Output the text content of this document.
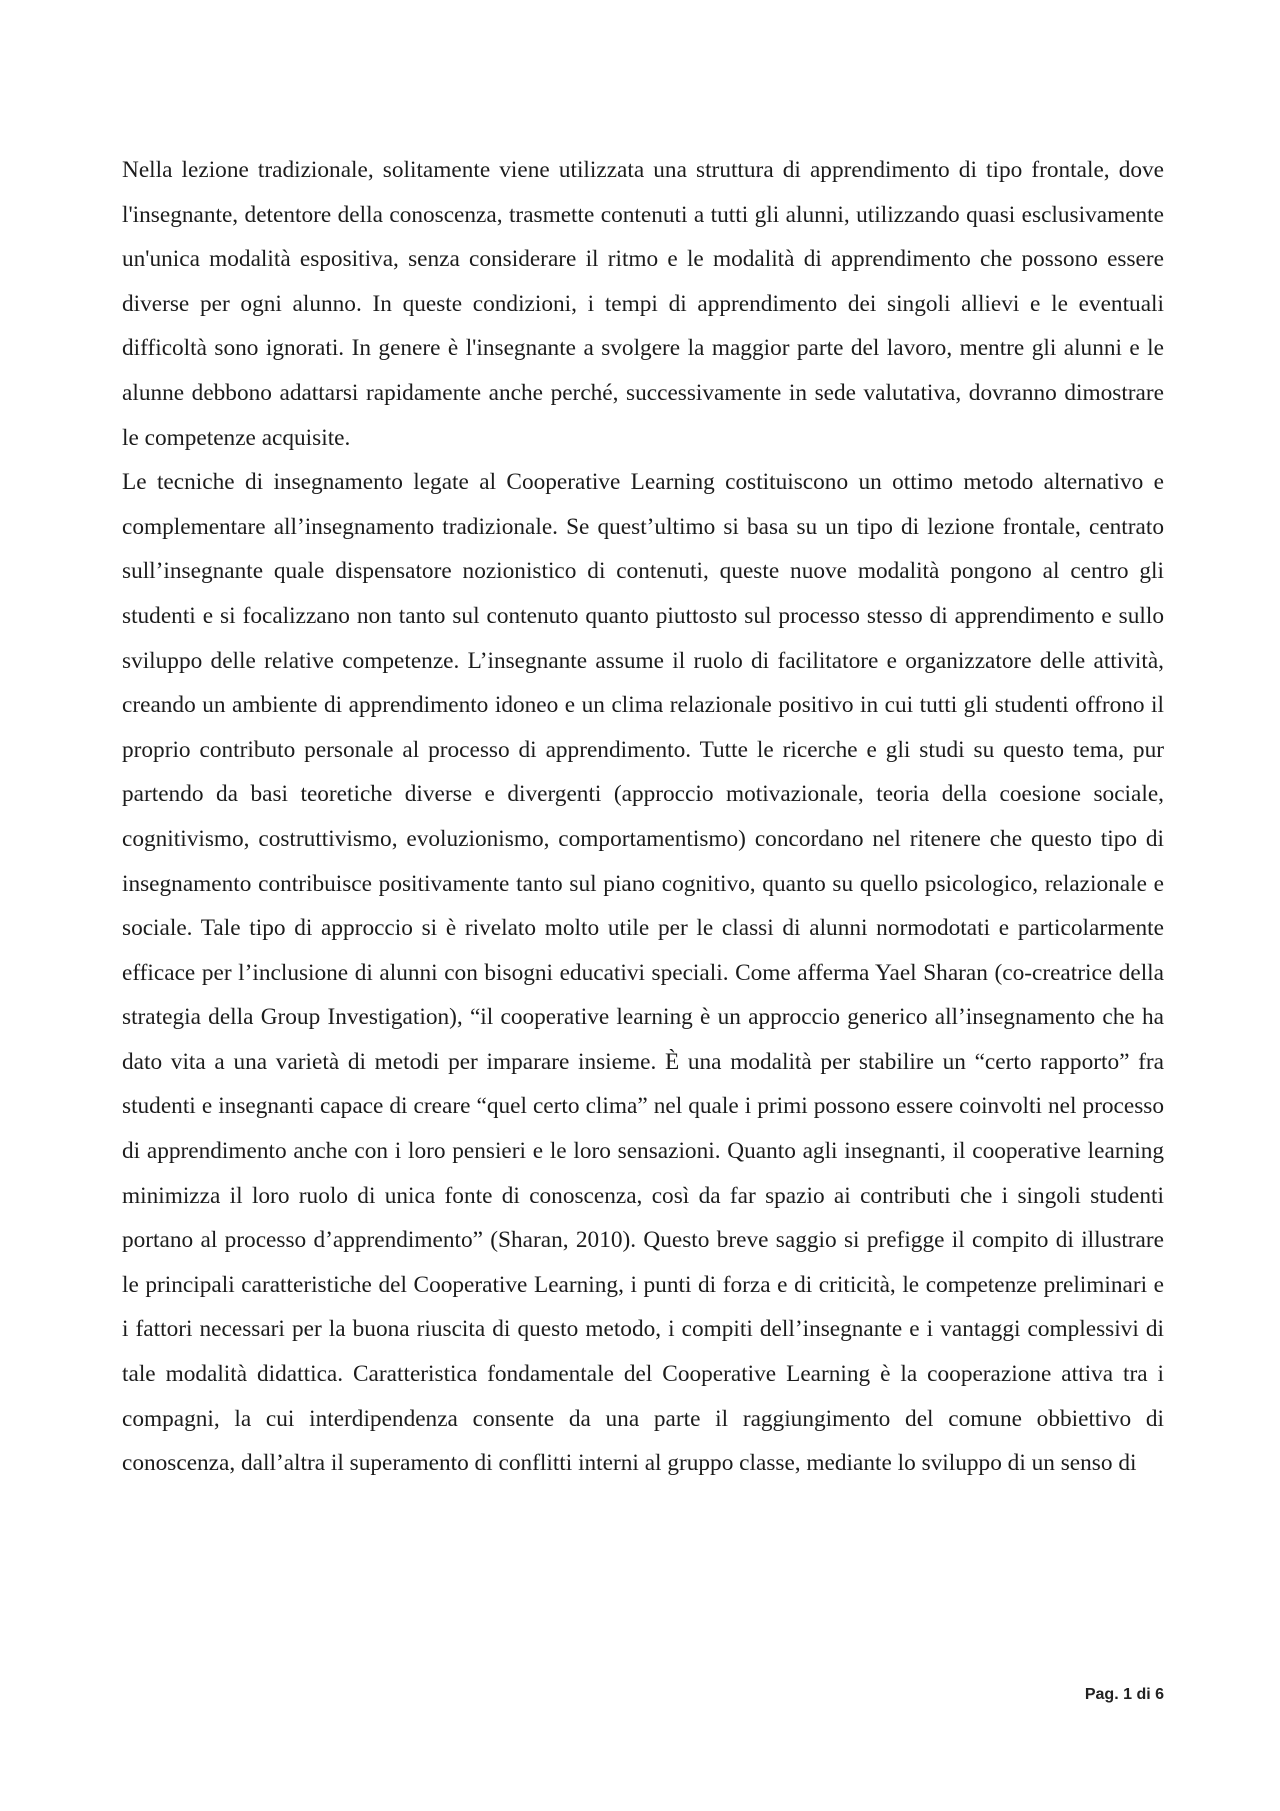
Nella lezione tradizionale, solitamente viene utilizzata una struttura di apprendimento di tipo frontale, dove l'insegnante, detentore della conoscenza, trasmette contenuti a tutti gli alunni, utilizzando quasi esclusivamente un'unica modalità espositiva, senza considerare il ritmo e le modalità di apprendimento che possono essere diverse per ogni alunno. In queste condizioni, i tempi di apprendimento dei singoli allievi e le eventuali difficoltà sono ignorati. In genere è l'insegnante a svolgere la maggior parte del lavoro, mentre gli alunni e le alunne debbono adattarsi rapidamente anche perché, successivamente in sede valutativa, dovranno dimostrare le competenze acquisite.

Le tecniche di insegnamento legate al Cooperative Learning costituiscono un ottimo metodo alternativo e complementare all’insegnamento tradizionale. Se quest’ultimo si basa su un tipo di lezione frontale, centrato sull’insegnante quale dispensatore nozionistico di contenuti, queste nuove modalità pongono al centro gli studenti e si focalizzano non tanto sul contenuto quanto piuttosto sul processo stesso di apprendimento e sullo sviluppo delle relative competenze. L’insegnante assume il ruolo di facilitatore e organizzatore delle attività, creando un ambiente di apprendimento idoneo e un clima relazionale positivo in cui tutti gli studenti offrono il proprio contributo personale al processo di apprendimento. Tutte le ricerche e gli studi su questo tema, pur partendo da basi teoretiche diverse e divergenti (approccio motivazionale, teoria della coesione sociale, cognitivismo, costruttivismo, evoluzionismo, comportamentismo) concordano nel ritenere che questo tipo di insegnamento contribuisce positivamente tanto sul piano cognitivo, quanto su quello psicologico, relazionale e sociale. Tale tipo di approccio si è rivelato molto utile per le classi di alunni normodotati e particolarmente efficace per l’inclusione di alunni con bisogni educativi speciali. Come afferma Yael Sharan (co-creatrice della strategia della Group Investigation), “il cooperative learning è un approccio generico all’insegnamento che ha dato vita a una varietà di metodi per imparare insieme. È una modalità per stabilire un “certo rapporto” fra studenti e insegnanti capace di creare “quel certo clima” nel quale i primi possono essere coinvolti nel processo di apprendimento anche con i loro pensieri e le loro sensazioni. Quanto agli insegnanti, il cooperative learning minimizza il loro ruolo di unica fonte di conoscenza, così da far spazio ai contributi che i singoli studenti portano al processo d’apprendimento” (Sharan, 2010). Questo breve saggio si prefigge il compito di illustrare le principali caratteristiche del Cooperative Learning, i punti di forza e di criticità, le competenze preliminari e i fattori necessari per la buona riuscita di questo metodo, i compiti dell’insegnante e i vantaggi complessivi di tale modalità didattica. Caratteristica fondamentale del Cooperative Learning è la cooperazione attiva tra i compagni, la cui interdipendenza consente da una parte il raggiungimento del comune obbiettivo di conoscenza, dall’altra il superamento di conflitti interni al gruppo classe, mediante lo sviluppo di un senso di

Pag. 1 di 6
